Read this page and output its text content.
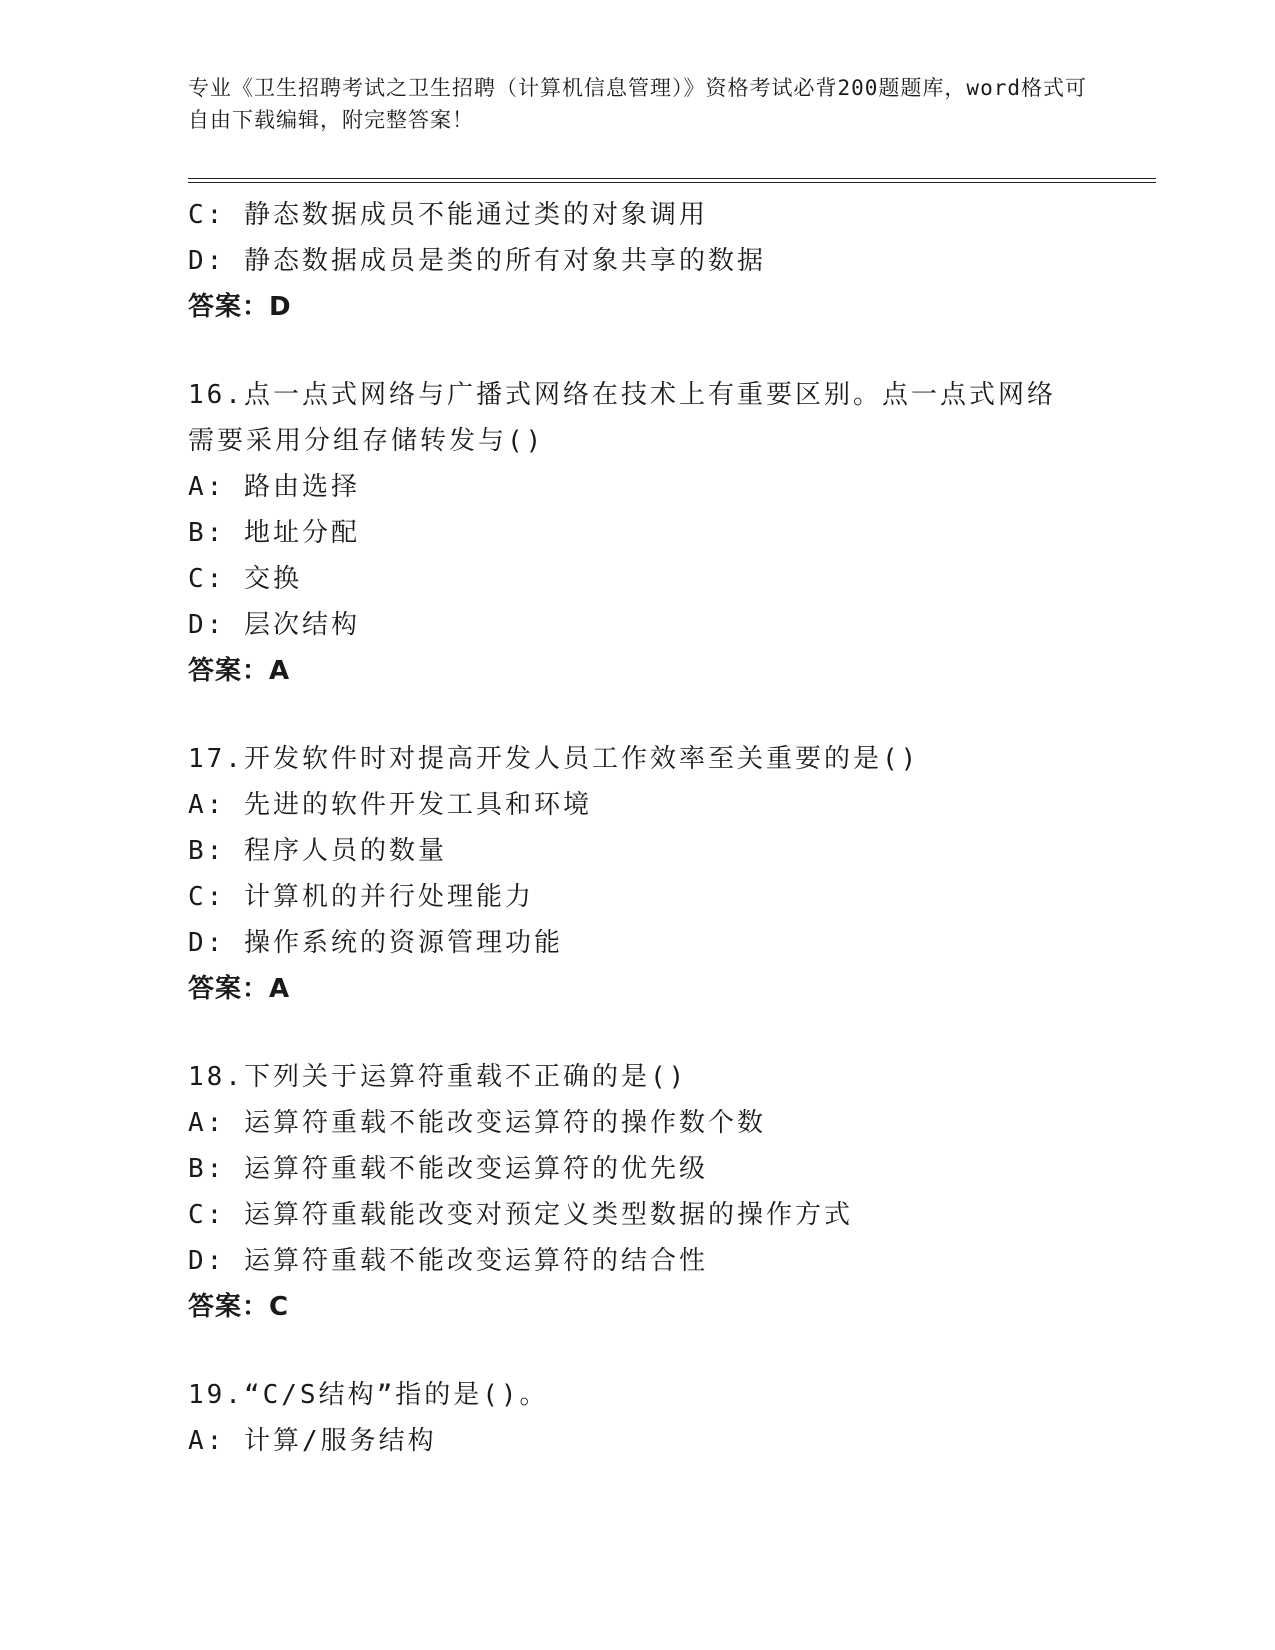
专业《卫生招聘考试之卫生招聘（计算机信息管理）》资格考试必背200题题库，word格式可自由下载编辑，附完整答案！
C: 静态数据成员不能通过类的对象调用
D: 静态数据成员是类的所有对象共享的数据
答案：D
16.点一点式网络与广播式网络在技术上有重要区别。点一点式网络需要采用分组存储转发与()
A: 路由选择
B: 地址分配
C: 交换
D: 层次结构
答案：A
17.开发软件时对提高开发人员工作效率至关重要的是()
A: 先进的软件开发工具和环境
B: 程序人员的数量
C: 计算机的并行处理能力
D: 操作系统的资源管理功能
答案：A
18.下列关于运算符重载不正确的是()
A: 运算符重载不能改变运算符的操作数个数
B: 运算符重载不能改变运算符的优先级
C: 运算符重载能改变对预定义类型数据的操作方式
D: 运算符重载不能改变运算符的结合性
答案：C
19.“C/S结构”指的是()。
A: 计算/服务结构
